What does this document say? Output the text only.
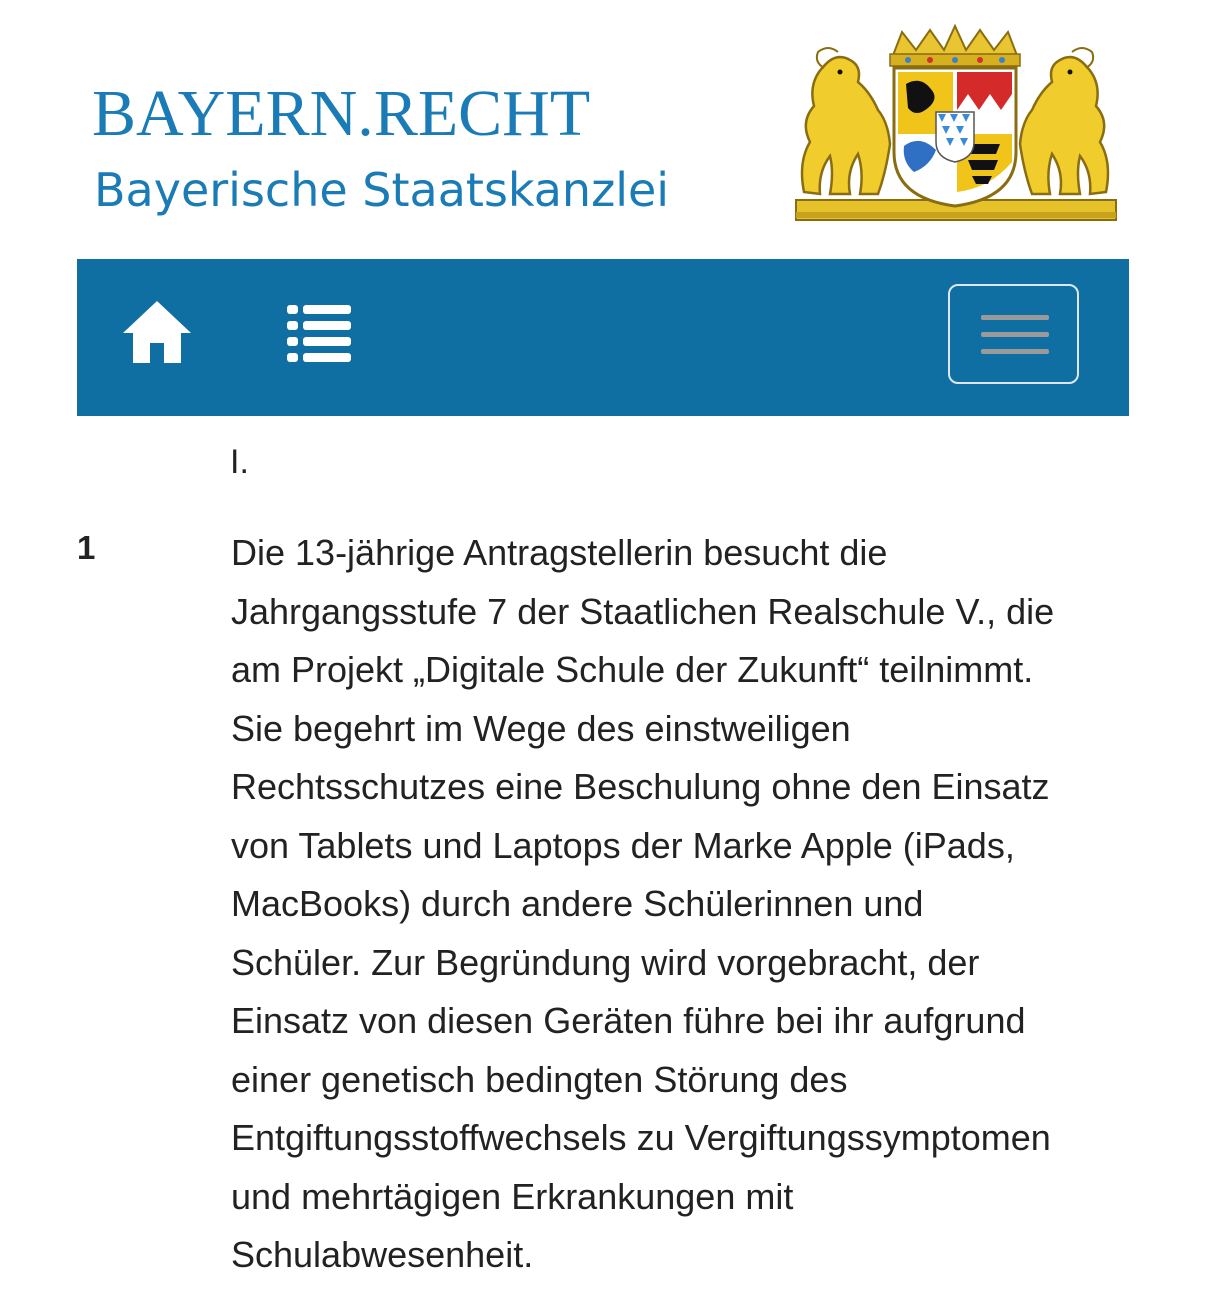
BAYERN.RECHT
Bayerische Staatskanzlei
I.
1	Die 13-jährige Antragstellerin besucht die
Jahrgangsstufe 7 der Staatlichen Realschule V., die
am Projekt „Digitale Schule der Zukunft“ teilnimmt.
Sie begehrt im Wege des einstweiligen
Rechtsschutzes eine Beschulung ohne den Einsatz
von Tablets und Laptops der Marke Apple (iPads,
MacBooks) durch andere Schülerinnen und
Schüler. Zur Begründung wird vorgebracht, der
Einsatz von diesen Geräten führe bei ihr aufgrund
einer genetisch bedingten Störung des
Entgiftungsstoffwechsels zu Vergiftungssymptomen
und mehrtägigen Erkrankungen mit
Schulabwesenheit.
